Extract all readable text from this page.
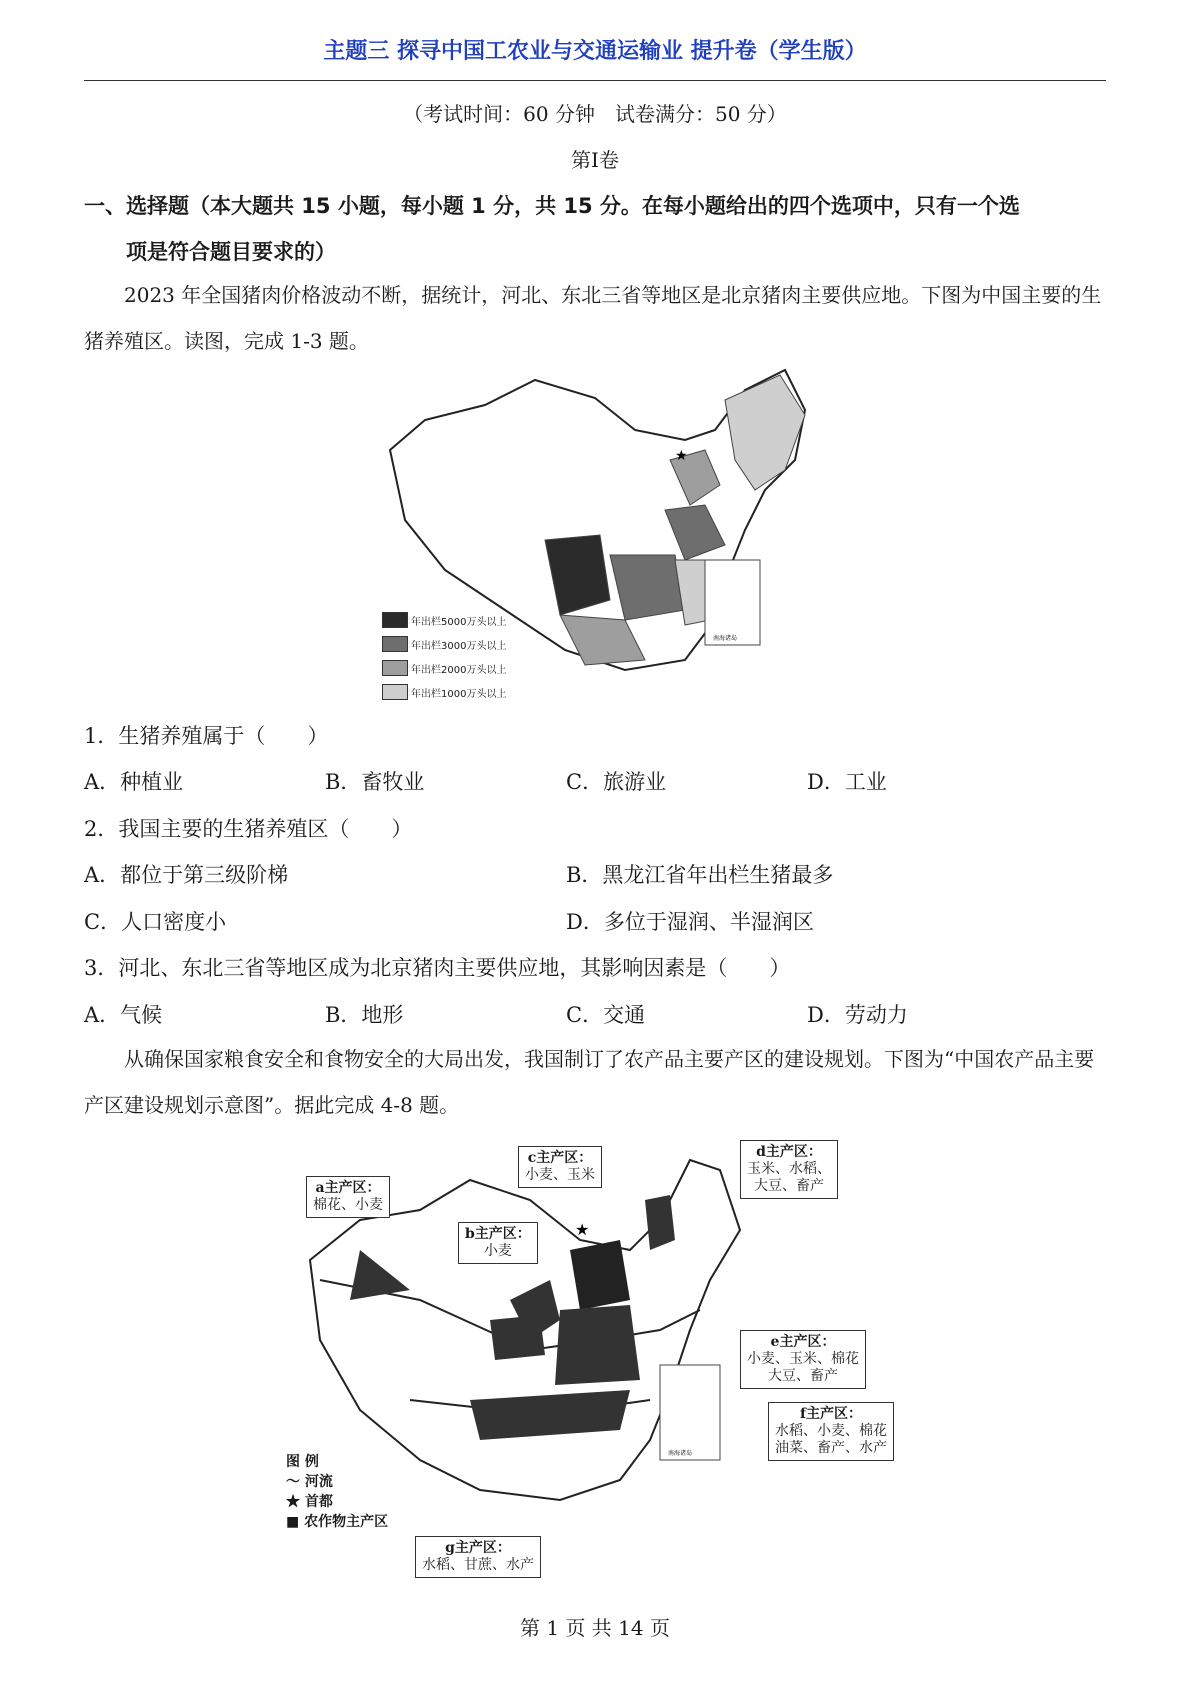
主题三 探寻中国工农业与交通运输业 提升卷（学生版）
（考试时间：60 分钟　试卷满分：50 分）
第Ⅰ卷
一、选择题（本大题共 15 小题，每小题 1 分，共 15 分。在每小题给出的四个选项中，只有一个选
项是符合题目要求的）
2023 年全国猪肉价格波动不断，据统计，河北、东北三省等地区是北京猪肉主要供应地。下图为中国主要的生猪养殖区。读图，完成 1-3 题。
★
南海诸岛
年出栏5000万头以上
年出栏3000万头以上
年出栏2000万头以上
年出栏1000万头以上
1．生猪养殖属于（　　）
A．种植业	B．畜牧业	C．旅游业	D．工业
2．我国主要的生猪养殖区（　　）
A．都位于第三级阶梯	B．黑龙江省年出栏生猪最多
C．人口密度小	D．多位于湿润、半湿润区
3．河北、东北三省等地区成为北京猪肉主要供应地，其影响因素是（　　）
A．气候	B．地形	C．交通	D．劳动力
从确保国家粮食安全和食物安全的大局出发，我国制订了农产品主要产区的建设规划。下图为“中国农产品主要产区建设规划示意图”。据此完成 4-8 题。
★
南海诸岛
a主产区：
棉花、小麦
b主产区：
小麦
c主产区：
小麦、玉米
d主产区：
玉米、水稻、
大豆、畜产
e主产区：
小麦、玉米、棉花
大豆、畜产
f主产区：
水稻、小麦、棉花
油菜、畜产、水产
g主产区：
水稻、甘蔗、水产
图 例
〜 河流
★ 首都
■ 农作物主产区
第 1 页 共 14 页
